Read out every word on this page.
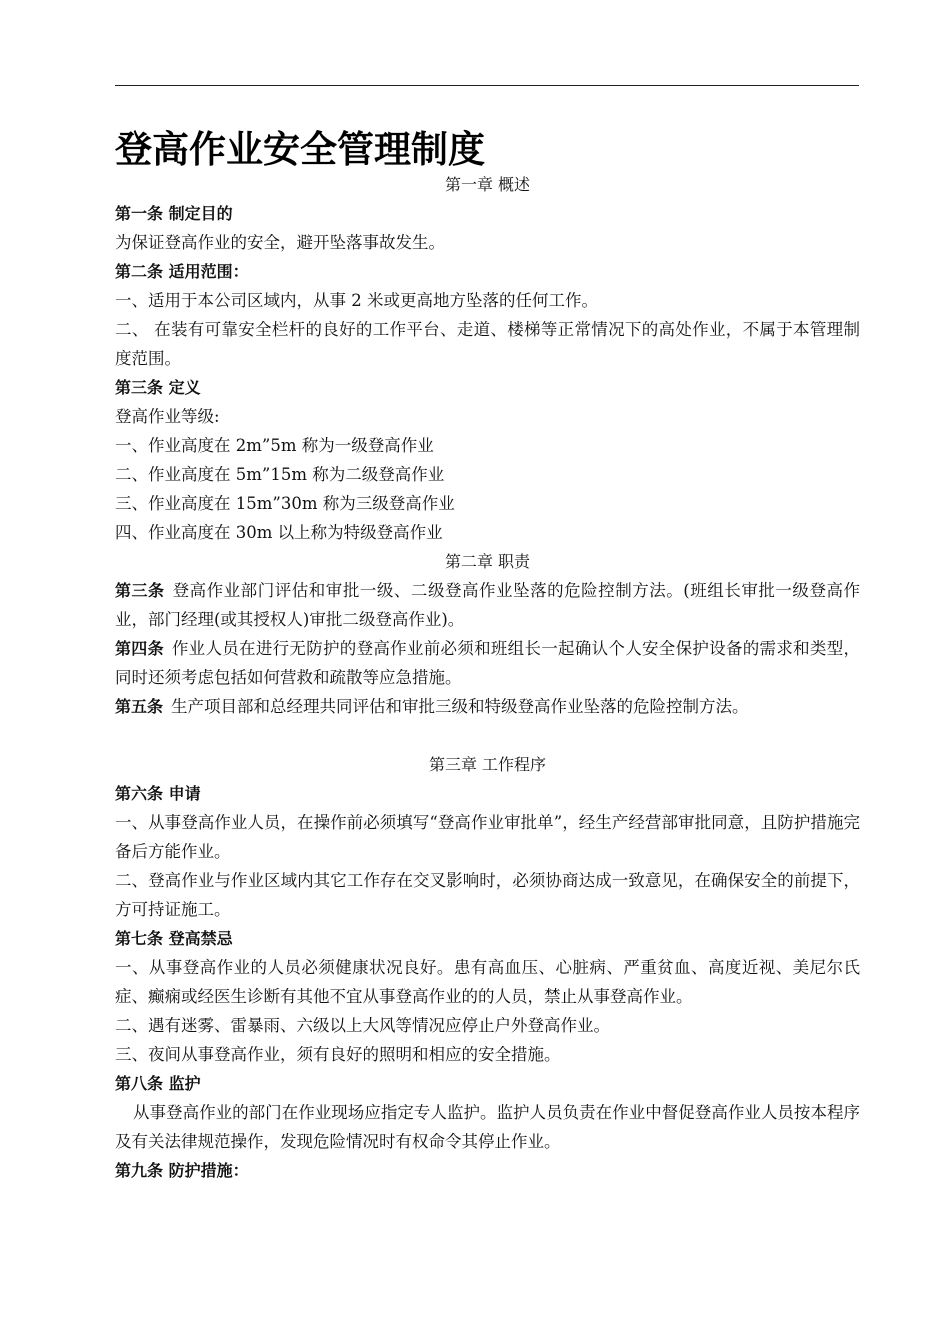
登高作业安全管理制度
第一章 概述
第一条 制定目的
为保证登高作业的安全，避开坠落事故发生。
第二条 适用范围：
一、适用于本公司区域内，从事 2 米或更高地方坠落的任何工作。
二、 在装有可靠安全栏杆的良好的工作平台、走道、楼梯等正常情况下的高处作业，不属于本管理制度范围。
第三条 定义
登高作业等级:
一、作业高度在 2m”5m 称为一级登高作业
二、作业高度在 5m”15m 称为二级登高作业
三、作业高度在 15m”30m 称为三级登高作业
四、作业高度在 30m 以上称为特级登高作业
第二章 职责
第三条 登高作业部门评估和审批一级、二级登高作业坠落的危险控制方法。(班组长审批一级登高作业，部门经理(或其授权人)审批二级登高作业)。
第四条 作业人员在进行无防护的登高作业前必须和班组长一起确认个人安全保护设备的需求和类型，同时还须考虑包括如何营救和疏散等应急措施。
第五条 生产项目部和总经理共同评估和审批三级和特级登高作业坠落的危险控制方法。
第三章 工作程序
第六条 申请
一、从事登高作业人员，在操作前必须填写“登高作业审批单”，经生产经营部审批同意，且防护措施完备后方能作业。
二、登高作业与作业区域内其它工作存在交叉影响时，必须协商达成一致意见，在确保安全的前提下，方可持证施工。
第七条 登高禁忌
一、从事登高作业的人员必须健康状况良好。患有高血压、心脏病、严重贫血、高度近视、美尼尔氏症、癫痫或经医生诊断有其他不宜从事登高作业的的人员，禁止从事登高作业。
二、遇有迷雾、雷暴雨、六级以上大风等情况应停止户外登高作业。
三、夜间从事登高作业，须有良好的照明和相应的安全措施。
第八条 监护
从事登高作业的部门在作业现场应指定专人监护。监护人员负责在作业中督促登高作业人员按本程序及有关法律规范操作，发现危险情况时有权命令其停止作业。
第九条 防护措施：
